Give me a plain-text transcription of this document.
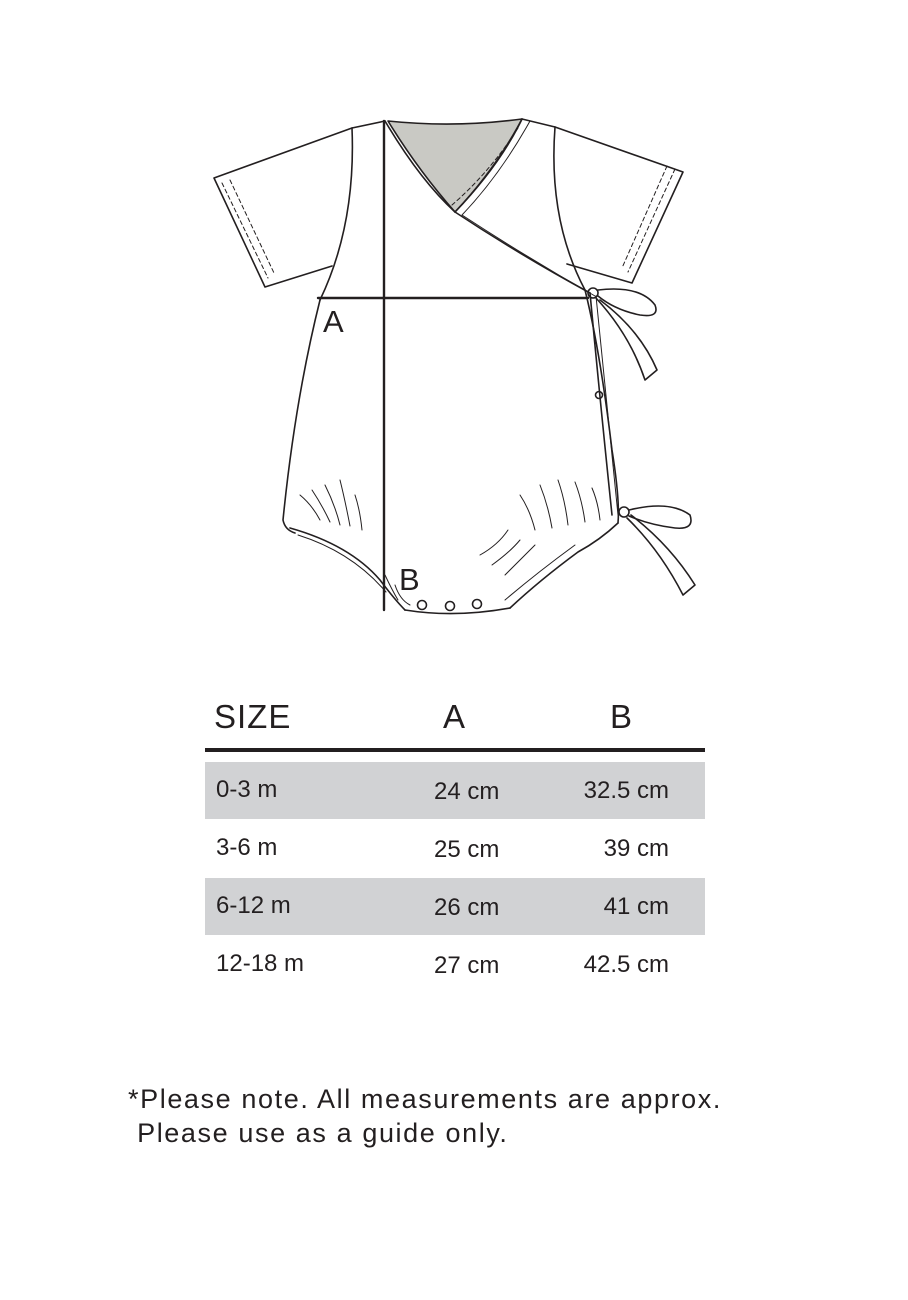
A
B
SIZE	A	B
0-3 m	24 cm	32.5 cm
3-6 m	25 cm	39 cm
6-12 m	26 cm	41 cm
12-18 m	27 cm	42.5 cm
*Please note. All measurements are approx.
Please use as a guide only.
